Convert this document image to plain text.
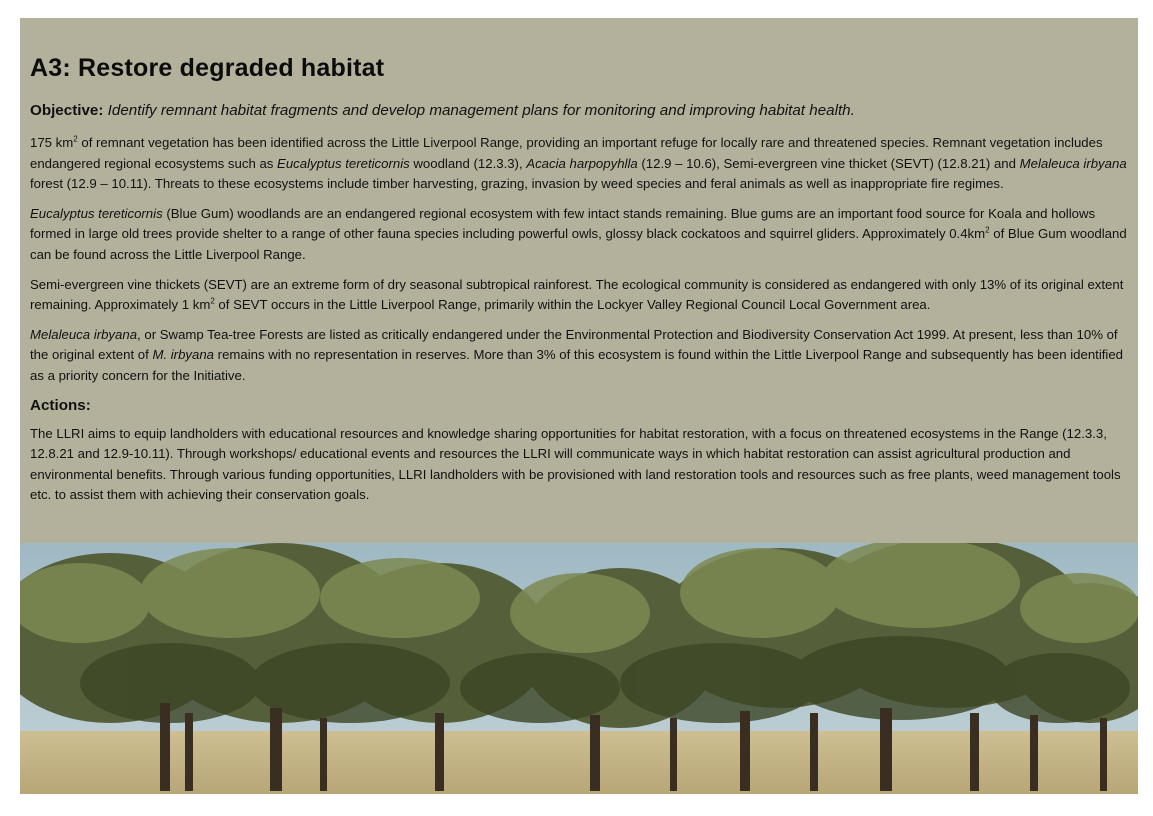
A3: Restore degraded habitat

Objective: Identify remnant habitat fragments and develop management plans for monitoring and improving habitat health.

175 $km^2$ of remnant vegetation has been identified across the Little Liverpool Range, providing an important refuge for locally rare and threatened species. Remnant vegetation includes endangered regional ecosystems such as Eucalyptus tereticornis woodland (12.3.3), Acacia harpopyhlla (12.9 – 10.6), Semi-evergreen vine thicket (SEVT) (12.8.21) and Melaleuca irbyana forest (12.9 – 10.11). Threats to these ecosystems include timber harvesting, grazing, invasion by weed species and feral animals as well as inappropriate fire regimes.

Eucalyptus tereticornis (Blue Gum) woodlands are an endangered regional ecosystem with few intact stands remaining. Blue gums are an important food source for Koala and hollows formed in large old trees provide shelter to a range of other fauna species including powerful owls, glossy black cockatoos and squirrel gliders. Approximately $0.4km^2$ of Blue Gum woodland can be found across the Little Liverpool Range.

Semi-evergreen vine thickets (SEVT) are an extreme form of dry seasonal subtropical rainforest. The ecological community is considered as endangered with only 13% of its original extent remaining. Approximately 1 $km^2$ of SEVT occurs in the Little Liverpool Range, primarily within the Lockyer Valley Regional Council Local Government area.

Melaleuca irbyana, or Swamp Tea-tree Forests are listed as critically endangered under the Environmental Protection and Biodiversity Conservation Act 1999. At present, less than 10% of the original extent of M. irbyana remains with no representation in reserves. More than 3% of this ecosystem is found within the Little Liverpool Range and subsequently has been identified as a priority concern for the Initiative.

Actions:

The LLRI aims to equip landholders with educational resources and knowledge sharing opportunities for habitat restoration, with a focus on threatened ecosystems in the Range (12.3.3, 12.8.21 and 12.9-10.11). Through workshops/ educational events and resources the LLRI will communicate ways in which habitat restoration can assist agricultural production and environmental benefits. Through various funding opportunities, LLRI landholders with be provisioned with land restoration tools and resources such as free plants, weed management tools etc. to assist them with achieving their conservation goals.
